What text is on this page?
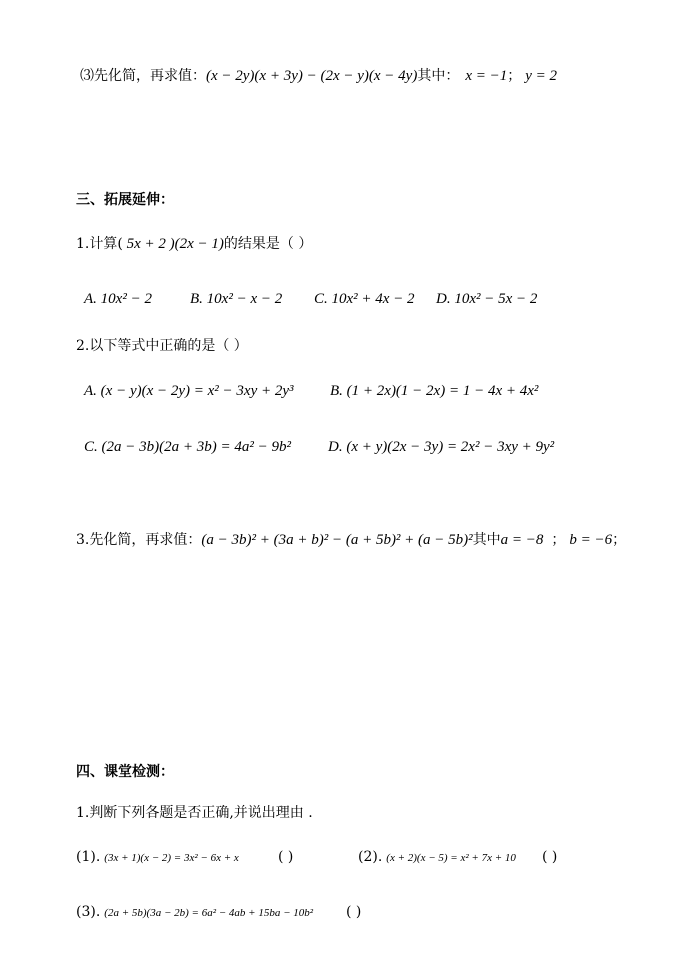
⑶先化简，再求值：(x − 2y)(x + 3y) − (2x − y)(x − 4y)其中： x = −1； y = 2
三、拓展延伸：
1.计算( 5x + 2 )(2x − 1)的结果是（ ）
A. 10x² − 2	B. 10x² − x − 2 C. 10x² + 4x − 2 D. 10x² − 5x − 2
2.以下等式中正确的是（ ）
A. (x − y)(x − 2y) = x² − 3xy + 2y³ B. (1 + 2x)(1 − 2x) = 1 − 4x + 4x²
C. (2a − 3b)(2a + 3b) = 4a² − 9b² D. (x + y)(2x − 3y) = 2x² − 3xy + 9y²
3.先化简，再求值：(a − 3b)² + (3a + b)² − (a + 5b)² + (a − 5b)²其中a = −8 ； b = −6；
四、课堂检测：
1.判断下列各题是否正确,并说出理由 .
(1). (3x + 1)(x − 2) = 3x² − 6x + x	( )	(2). (x + 2)(x − 5) = x² + 7x + 10 ( )
(3). (2a + 5b)(3a − 2b) = 6a² − 4ab + 15ba − 10b² ( )
